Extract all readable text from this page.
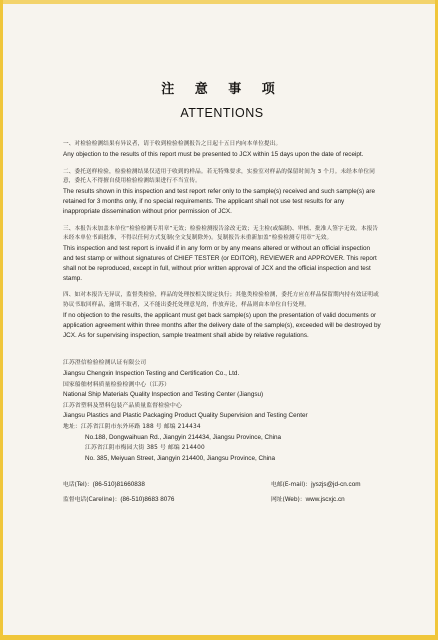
注 意 事 项
ATTENTIONS
一、对检验检测结果有异议者，请于收到检验检测报告之日起十五日内向本单位提出。
Any objection to the results of this report must be presented to JCX within 15 days upon the date of receipt.
二、委托送样检验，检验检测结果仅适用于收到的样品。若无特殊要求，实验室对样品的保留时间为 3 个月。未经本单位同意，委托人不得擅自使用检验检测结果进行不当宣传。
The results shown in this inspection and test report refer only to the sample(s) received and such sample(s) are retained for 3 months only, if no special requirements. The applicant shall not use test results for any inappropriate dissemination without prior permission of JCX.
三、本报告未加盖本单位“检验检测专用章”无效；检验检测报告涂改无效；无主检(或编制)、审核、批准人签字无效。本报告未经本单位书面批准，不得以任何方式复制(全文复制除外)。复制报告未重新加盖“检验检测专用章”无效。
This inspection and test report is invalid if in any form or by any means altered or without an official inspection and test stamp or without signatures of CHIEF TESTER (or EDITOR), REVIEWER and APPROVER. This report shall not be reproduced, except in full, without prior written approval of JCX and the official inspection and test stamp.
四、如对本报告无异议，监督类检验，样品的处理按相关规定执行；其他类检验检测，委托方应在样品保留期内持有效证明或协议书取回样品，逾期不取者，又不能出委托处理意见的，作放弃论，样品则由本单位自行处理。
If no objection to the results, the applicant must get back sample(s) upon the presentation of valid documents or application agreement within three months after the delivery date of the sample(s), exceeded will be destroyed by JCX. As for supervising inspection, sample treatment shall abide by relative regulations.
江苏澄信检验检测认证有限公司
Jiangsu Chengxin Inspection Testing and Certification Co., Ltd.
国家船舶材料质量检验检测中心（江苏）
National Ship Materials Quality Inspection and Testing Center (Jiangsu)
江苏省塑料及塑料包装产品质量监督检验中心
Jiangsu Plastics and Plastic Packaging Product Quality Supervision and Testing Center
地址：江苏省江阴市东外环路 188 号 邮编 214434
No.188, Dongwaihuan Rd., Jiangyin 214434, Jiangsu Province, China
江苏省江阴市梅园大街 385 号 邮编 214400
No. 385, Meiyuan Street, Jiangyin 214400, Jiangsu Province, China
电话(Tel)：(86-510)81660838	电邮(E-mail)：jyszjs@jd-cn.com
监督电话(Careline)：(86-510)8683 8076	网址(Web)：www.jscxjc.cn
